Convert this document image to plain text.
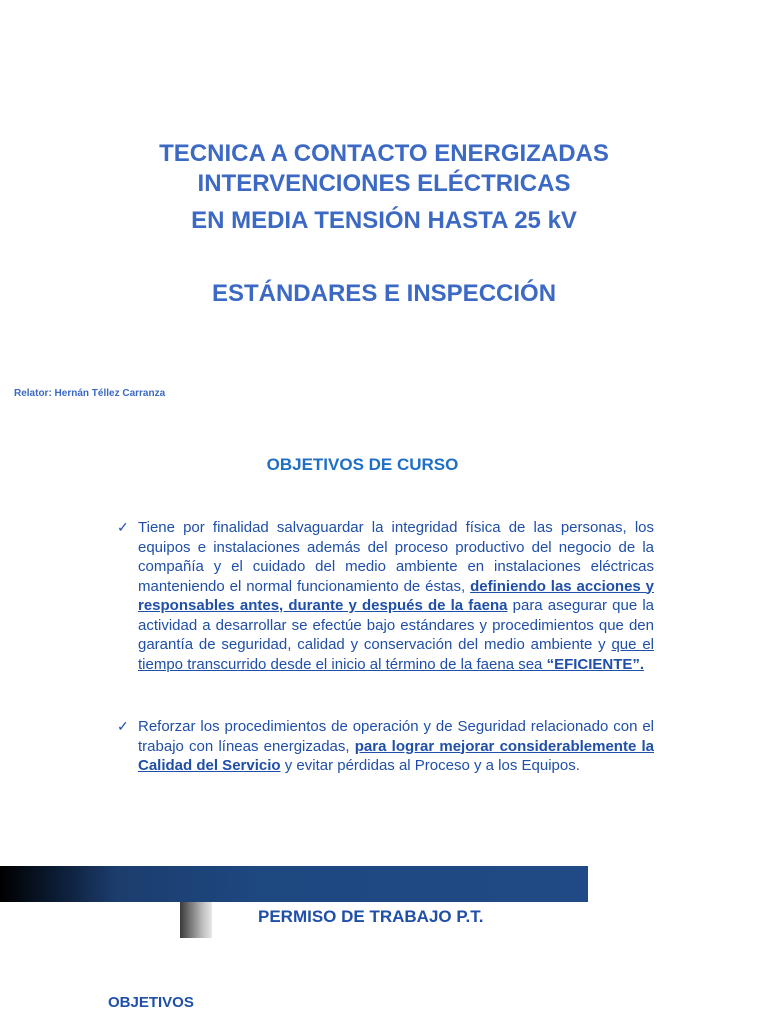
TECNICA A CONTACTO ENERGIZADAS
INTERVENCIONES ELÉCTRICAS
EN MEDIA TENSIÓN HASTA 25 kV
ESTÁNDARES E INSPECCIÓN
Relator: Hernán Téllez Carranza
OBJETIVOS DE CURSO
✓ Tiene por finalidad salvaguardar la integridad física de las personas, los equipos e instalaciones además del proceso productivo del negocio de la compañía y el cuidado del medio ambiente en instalaciones eléctricas manteniendo el normal funcionamiento de éstas, definiendo las acciones y responsables antes, durante y después de la faena para asegurar que la actividad a desarrollar se efectúe bajo estándares y procedimientos que den garantía de seguridad, calidad y conservación del medio ambiente y que el tiempo transcurrido desde el inicio al término de la faena sea “EFICIENTE”.
✓ Reforzar los procedimientos de operación y de Seguridad relacionado con el trabajo con líneas energizadas, para lograr mejorar considerablemente la Calidad del Servicio y evitar pérdidas al Proceso y a los Equipos.
PERMISO DE TRABAJO P.T.
OBJETIVOS
